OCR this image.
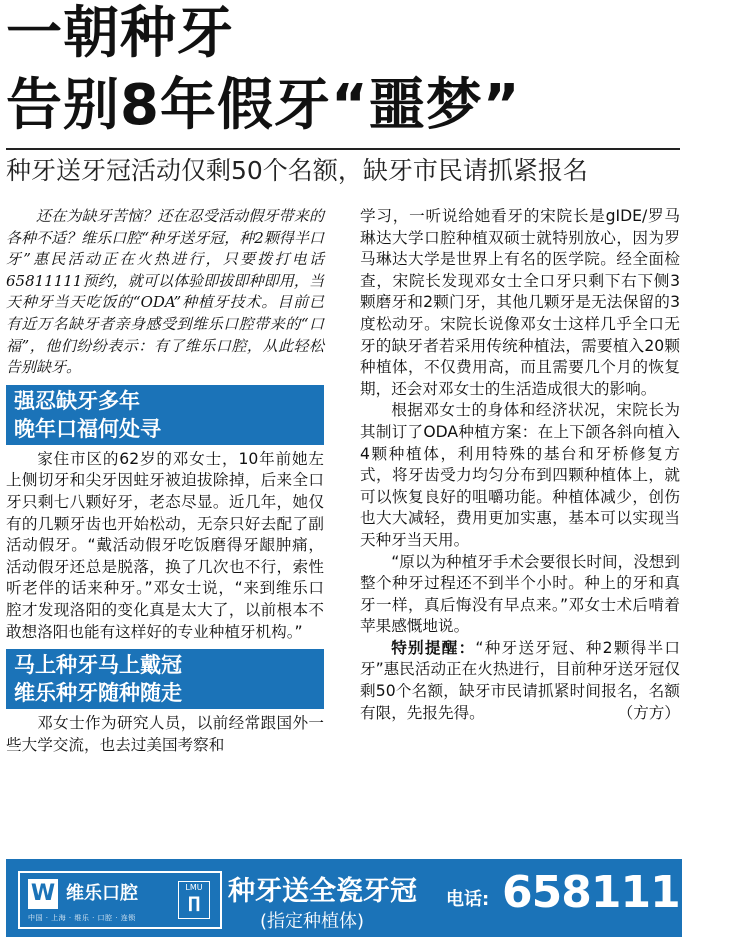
一朝种牙
告别8年假牙“噩梦”
种牙送牙冠活动仅剩50个名额，缺牙市民请抓紧报名

还在为缺牙苦恼？还在忍受活动假牙带来的各种不适？维乐口腔“种牙送牙冠，种2颗得半口牙”惠民活动正在火热进行，只要拨打电话65811111预约，就可以体验即拔即种即用，当天种牙当天吃饭的“ODA”种植牙技术。目前已有近万名缺牙者亲身感受到维乐口腔带来的“口福”，他们纷纷表示：有了维乐口腔，从此轻松告别缺牙。

强忍缺牙多年
晚年口福何处寻

家住市区的62岁的邓女士，10年前她左上侧切牙和尖牙因蛀牙被迫拔除掉，后来全口牙只剩七八颗好牙，老态尽显。近几年，她仅有的几颗牙齿也开始松动，无奈只好去配了副活动假牙。“戴活动假牙吃饭磨得牙龈肿痛，活动假牙还总是脱落，换了几次也不行，索性听老伴的话来种牙。”邓女士说，“来到维乐口腔才发现洛阳的变化真是太大了，以前根本不敢想洛阳也能有这样好的专业种植牙机构。”

马上种牙马上戴冠
维乐种牙随种随走

邓女士作为研究人员，以前经常跟国外一些大学交流，也去过美国考察和

学习，一听说给她看牙的宋院长是gIDE/罗马琳达大学口腔种植双硕士就特别放心，因为罗马琳达大学是世界上有名的医学院。经全面检查，宋院长发现邓女士全口牙只剩下右下侧3颗磨牙和2颗门牙，其他几颗牙是无法保留的3度松动牙。宋院长说像邓女士这样几乎全口无牙的缺牙者若采用传统种植法，需要植入20颗种植体，不仅费用高，而且需要几个月的恢复期，还会对邓女士的生活造成很大的影响。

根据邓女士的身体和经济状况，宋院长为其制订了ODA种植方案：在上下颌各斜向植入4颗种植体，利用特殊的基台和牙桥修复方式，将牙齿受力均匀分布到四颗种植体上，就可以恢复良好的咀嚼功能。种植体减少，创伤也大大减轻，费用更加实惠，基本可以实现当天种牙当天用。

“原以为种植牙手术会要很长时间，没想到整个种牙过程还不到半个小时。种上的牙和真牙一样，真后悔没有早点来。”邓女士术后啃着苹果感慨地说。

特别提醒：“种牙送牙冠、种2颗得半口牙”惠民活动正在火热进行，目前种牙送牙冠仅剩50个名额，缺牙市民请抓紧时间报名，名额有限，先报先得。	（方方）

W 维乐口腔
中国 · 上海 · 维乐 · 口腔 · 连锁
LMU
∏	种牙送全瓷牙冠
(指定种植体)
电话: 65811111
